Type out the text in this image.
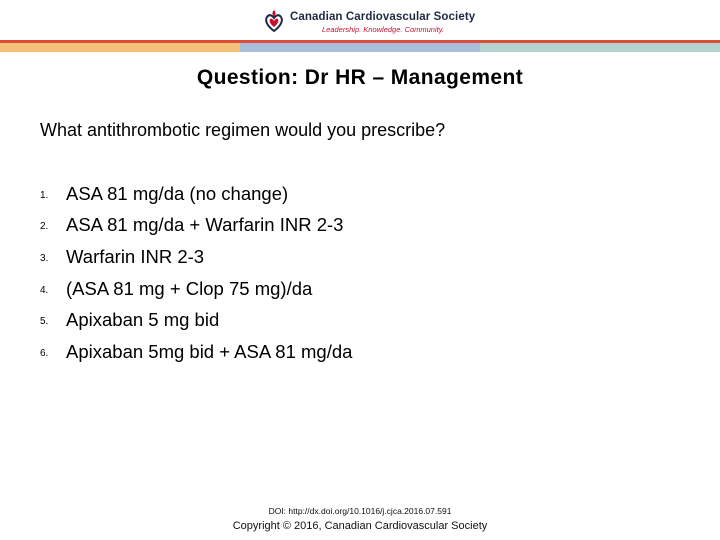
Canadian Cardiovascular Society
Leadership. Knowledge. Community.
Question: Dr HR – Management
What antithrombotic regimen would you prescribe?
1. ASA 81 mg/da (no change)
2. ASA 81 mg/da + Warfarin INR 2-3
3. Warfarin INR 2-3
4. (ASA 81 mg + Clop 75 mg)/da
5. Apixaban 5 mg bid
6. Apixaban 5mg bid + ASA 81 mg/da
DOI: http://dx.doi.org/10.1016/j.cjca.2016.07.591
Copyright © 2016, Canadian Cardiovascular Society
